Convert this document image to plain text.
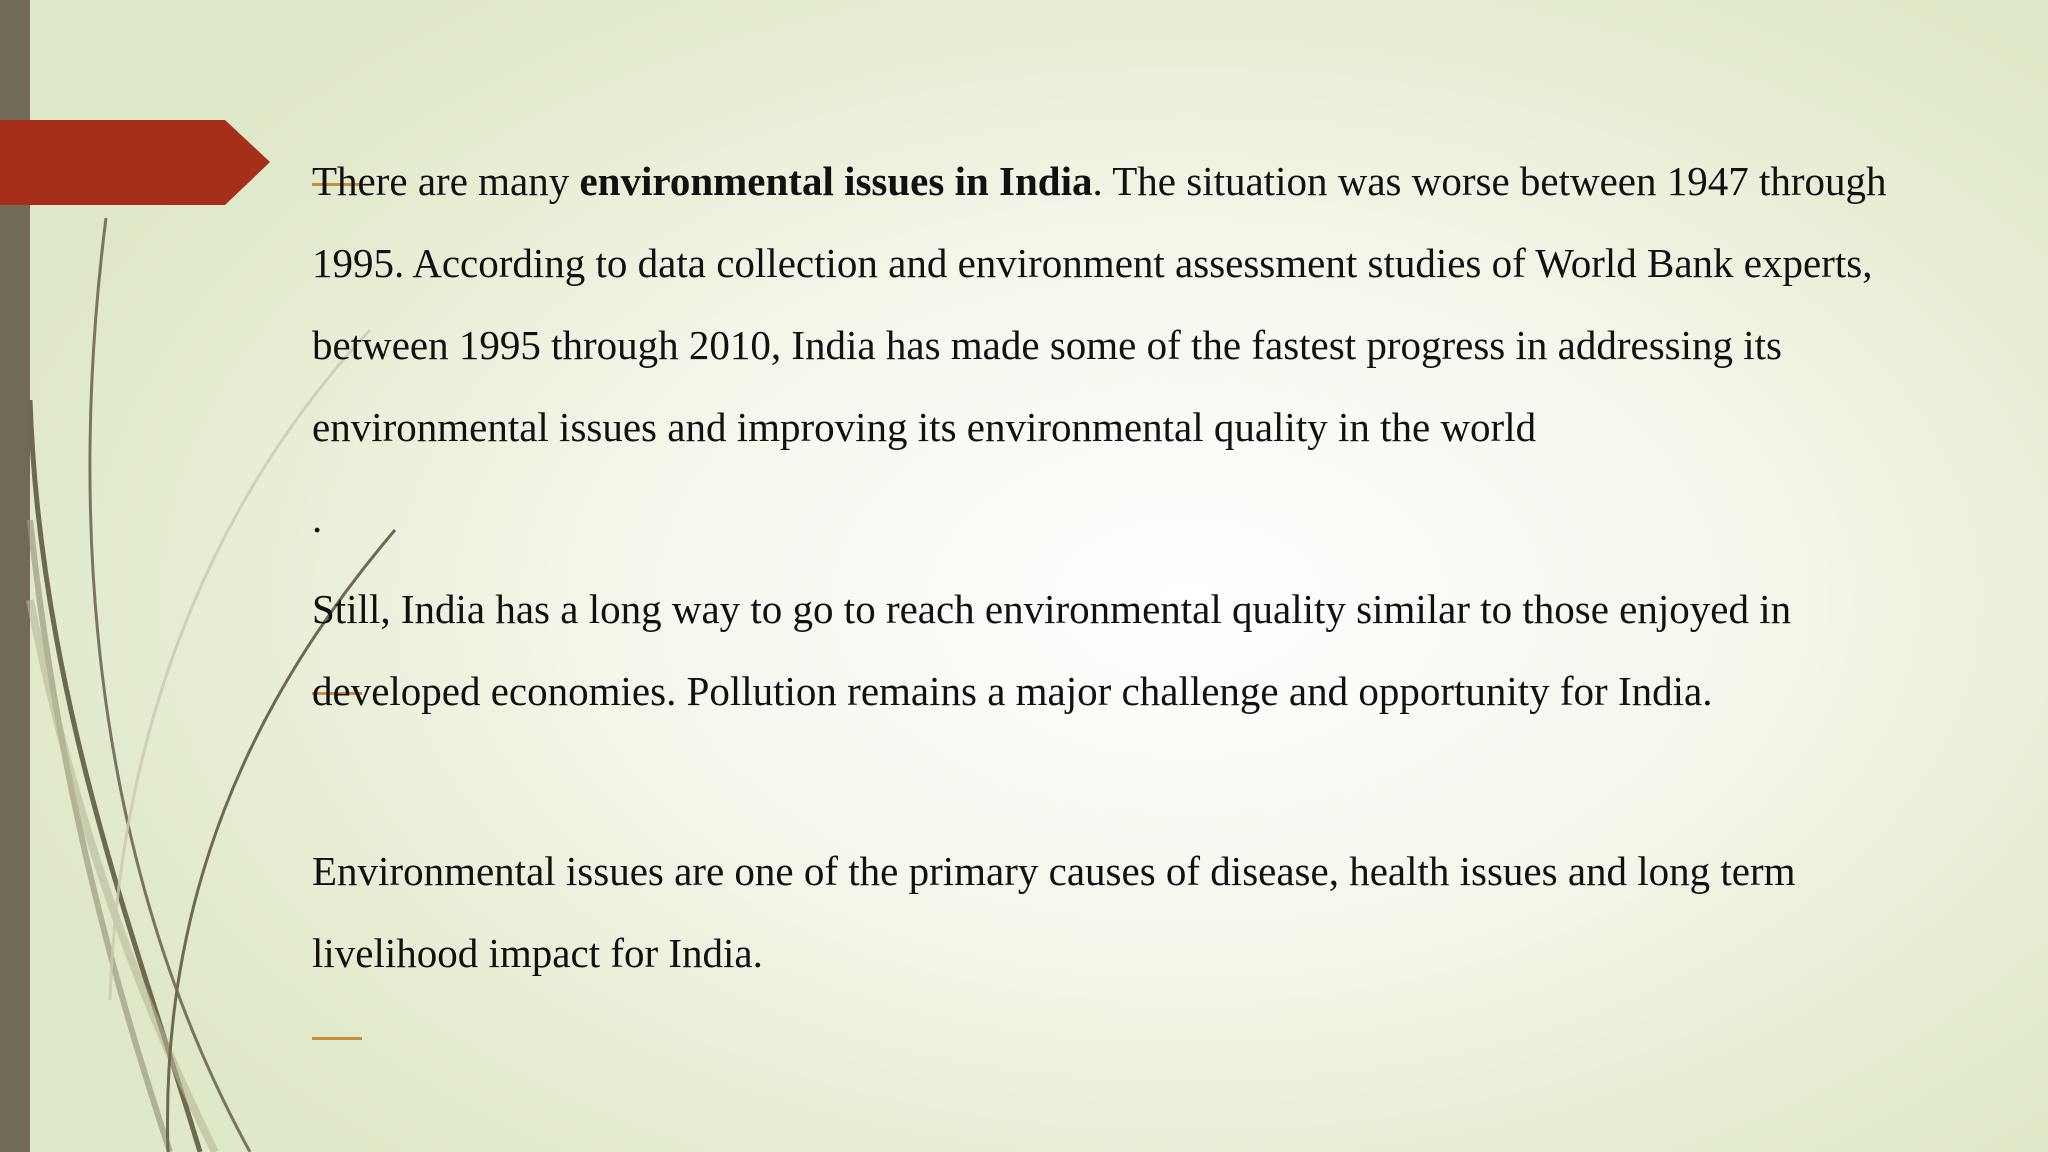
There are many environmental issues in India. The situation was worse between 1947 through 1995. According to data collection and environment assessment studies of World Bank experts, between 1995 through 2010, India has made some of the fastest progress in addressing its environmental issues and improving its environmental quality in the world

.

Still, India has a long way to go to reach environmental quality similar to those enjoyed in developed economies. Pollution remains a major challenge and opportunity for India.

Environmental issues are one of the primary causes of disease, health issues and long term livelihood impact for India.
